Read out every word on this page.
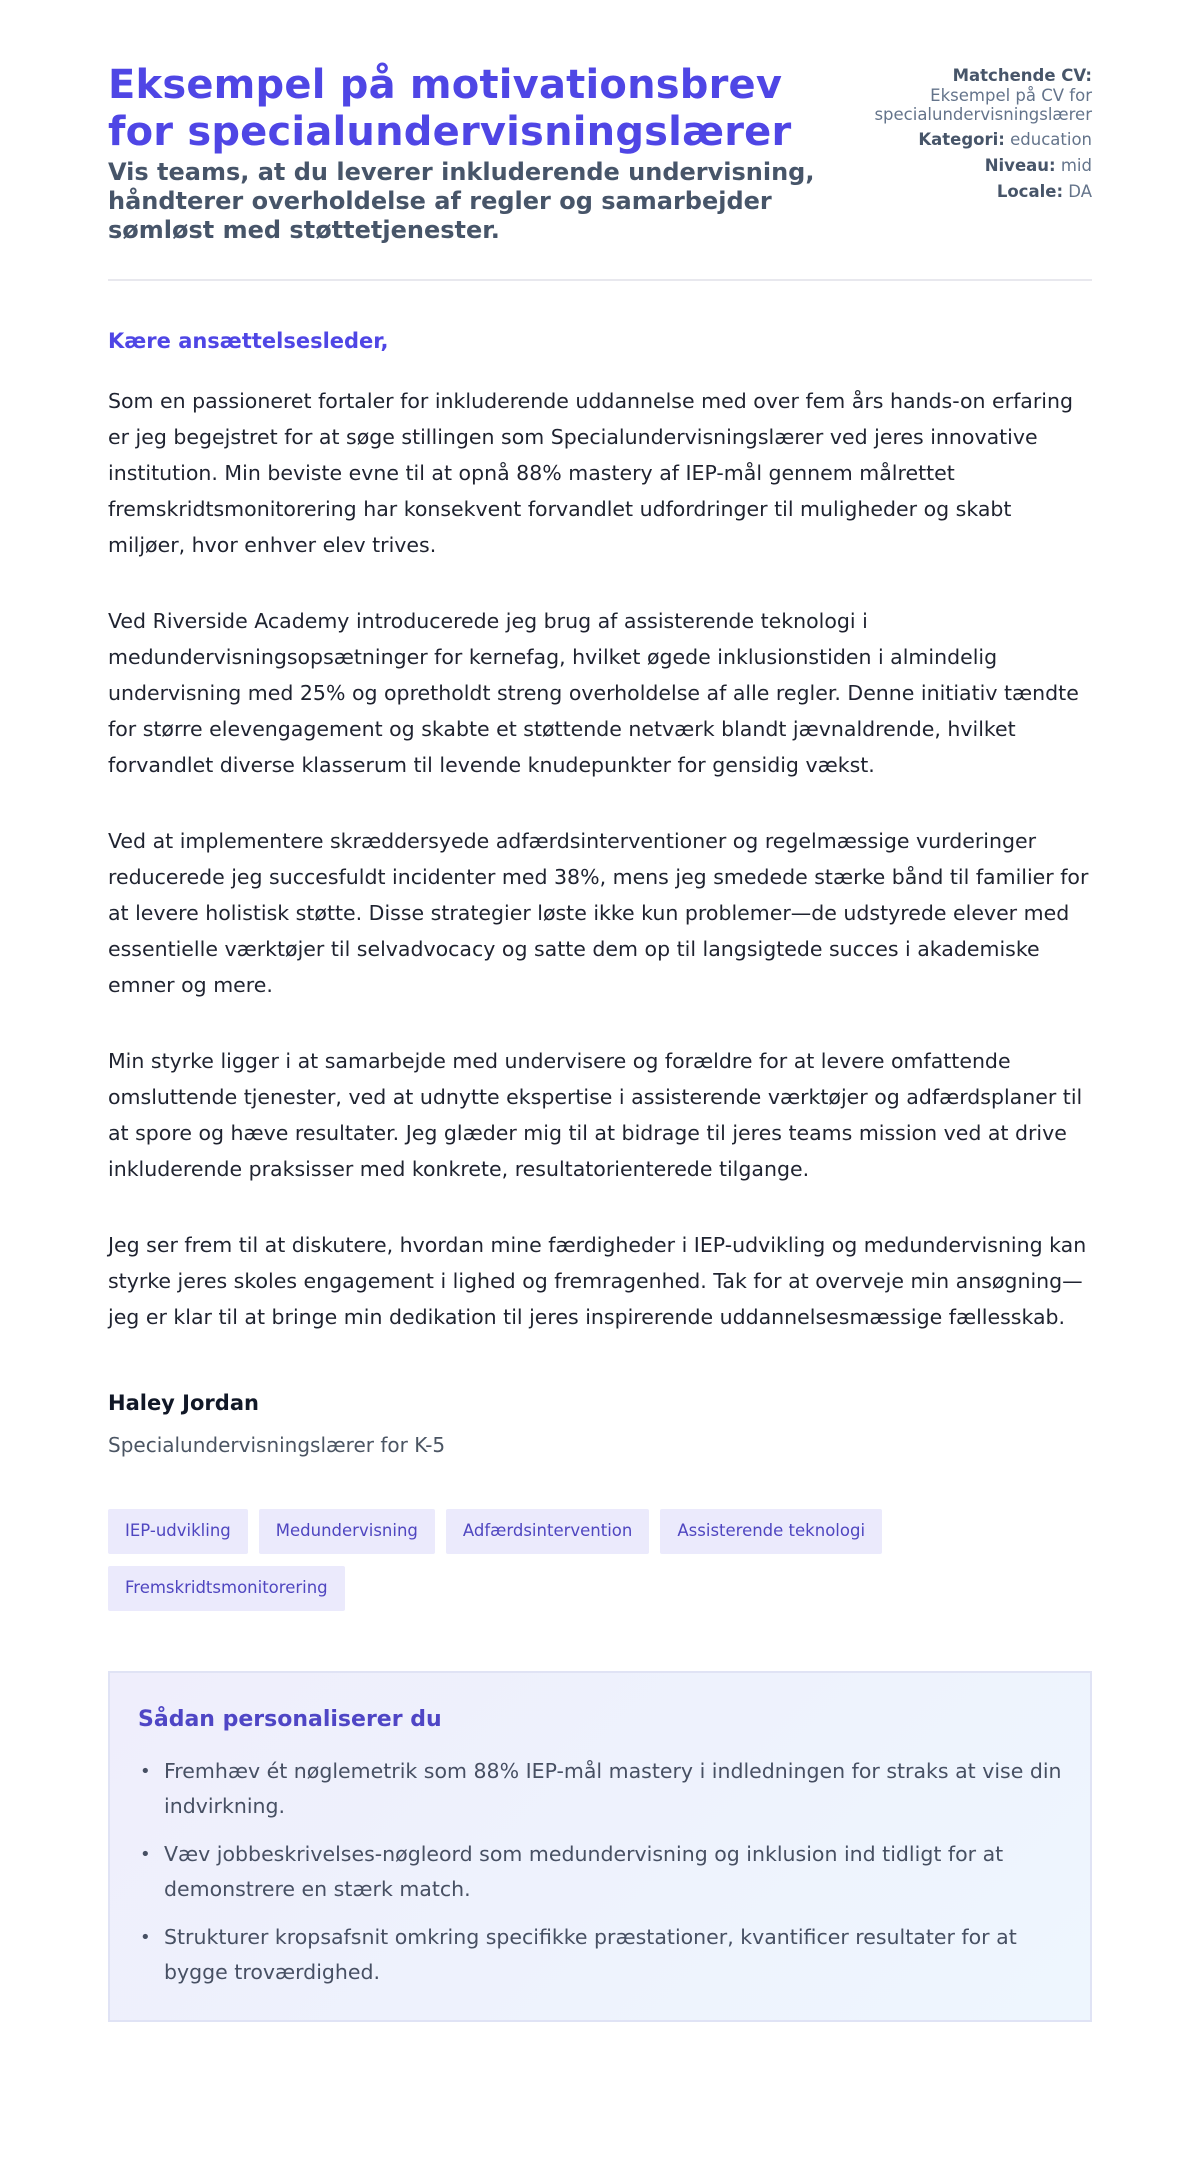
Eksempel på motivationsbrev for specialundervisningslærer
Vis teams, at du leverer inkluderende undervisning, håndterer overholdelse af regler og samarbejder sømløst med støttetjenester.
Matchende CV:
Eksempel på CV for specialundervisningslærer
Kategori: education
Niveau: mid
Locale: DA
Kære ansættelsesleder,

Som en passioneret fortaler for inkluderende uddannelse med over fem års hands-on erfaring er jeg begejstret for at søge stillingen som Specialundervisningslærer ved jeres innovative institution. Min beviste evne til at opnå 88% mastery af IEP-mål gennem målrettet fremskridtsmonitorering har konsekvent forvandlet udfordringer til muligheder og skabt miljøer, hvor enhver elev trives.

Ved Riverside Academy introducerede jeg brug af assisterende teknologi i medundervisningsopsætninger for kernefag, hvilket øgede inklusionstiden i almindelig undervisning med 25% og opretholdt streng overholdelse af alle regler. Denne initiativ tændte for større elevengagement og skabte et støttende netværk blandt jævnaldrende, hvilket forvandlet diverse klasserum til levende knudepunkter for gensidig vækst.

Ved at implementere skræddersyede adfærdsinterventioner og regelmæssige vurderinger reducerede jeg succesfuldt incidenter med 38%, mens jeg smedede stærke bånd til familier for at levere holistisk støtte. Disse strategier løste ikke kun problemer—de udstyrede elever med essentielle værktøjer til selvadvocacy og satte dem op til langsigtede succes i akademiske emner og mere.

Min styrke ligger i at samarbejde med undervisere og forældre for at levere omfattende omsluttende tjenester, ved at udnytte ekspertise i assisterende værktøjer og adfærdsplaner til at spore og hæve resultater. Jeg glæder mig til at bidrage til jeres teams mission ved at drive inkluderende praksisser med konkrete, resultatorienterede tilgange.

Jeg ser frem til at diskutere, hvordan mine færdigheder i IEP-udvikling og medundervisning kan styrke jeres skoles engagement i lighed og fremragenhed. Tak for at overveje min ansøgning—jeg er klar til at bringe min dedikation til jeres inspirerende uddannelsesmæssige fællesskab.

Haley Jordan
Specialundervisningslærer for K-5
IEP-udvikling	Medundervisning	Adfærdsintervention	Assisterende teknologi
Fremskridtsmonitorering
Sådan personaliserer du
• Fremhæv ét nøglemetrik som 88% IEP-mål mastery i indledningen for straks at vise din indvirkning.
• Væv jobbeskrivelses-nøgleord som medundervisning og inklusion ind tidligt for at demonstrere en stærk match.
• Strukturer kropsafsnit omkring specifikke præstationer, kvantificer resultater for at bygge troværdighed.
